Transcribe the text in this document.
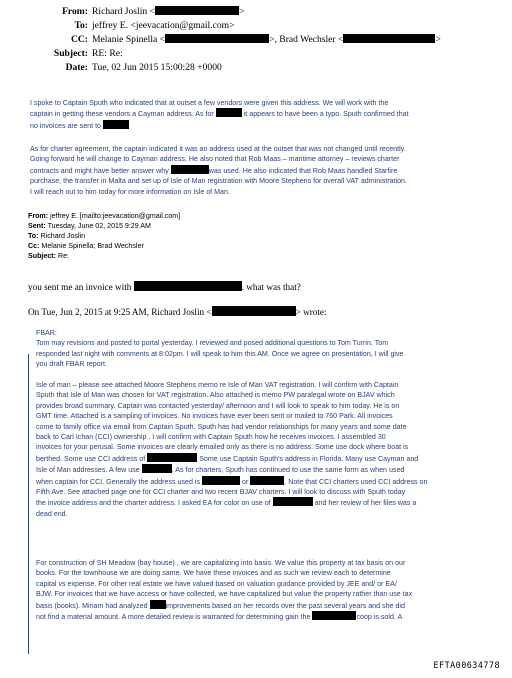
From: Richard Joslin <	>
To: jeffrey E. <jeevacation@gmail.com>
CC: Melanie Spinella <	>, Brad Wechsler <	>
Subject: RE: Re:
Date: Tue, 02 Jun 2015 15:00:28 +0000

I spoke to Captain Sputh who indicated that at outset a few vendors were given this address. We will work with the

captain in getting these vendors a Cayman address. As for	it appears to have been a typo. Sputh confirmed that

no invoices are sent to

As for charter agreement, the captain indicated it was an address used at the outset that was not changed until recently.

Going forward he will change to Cayman address. He also noted that Rob Maas – maritime attorney – reviews charter

contracts and might have better answer why	was used. He also indicated that Rob Maas handled Starfire

purchase, the transfer in Malta and set up of Isle of Man registration with Moore Stephens for overall VAT administration.

I will reach out to him today for more information on Isle of Man.

From: jeffrey E. [mailto:jeevacation@gmail.com]
Sent: Tuesday, June 02, 2015 9:29 AM
To: Richard Joslin
Cc: Melanie Spinella; Brad Wechsler
Subject: Re:
you sent me an invoice with	. what was that?
On Tue, Jun 2, 2015 at 9:25 AM, Richard Joslin <	> wrote:

FBAR:

Tom may revisions and posted to portal yesterday. I reviewed and posed additional questions to Tom Turrin. Tom

responded last night with comments at 8:02pm. I will speak to him this AM. Once we agree on presentation, I will give

you draft FBAR report.

Isle of man – please see attached Moore Stephens memo re Isle of Man VAT registration. I will confirm with Captain

Sputh that Isle of Man was chosen for VAT registration. Also attached is memo PW paralegal wrote on BJAV which

provides broad summary. Captain was contacted yesterday/ afternoon and I will look to speak to him today. He is on

GMT time. Attached is a sampling of invoices. No invoices have ever been sent or mailed to 760 Park. All invoices

come to family office via email from Captain Sputh. Sputh has had vendor relationships for many years and some date

back to Carl Ichan (CCI) ownership . I will confirm with Captain Sputh how he receives invoices. I assembled 30

invoices for your perusal. Some invoices are clearly emailed only as there is no address. Some use dock where boat is

berthed. Some use CCI address of	Some use Captain Sputh's address in Florida. Many use Cayman and

Isle of Man addresses. A few use	. As for charters, Sputh has continued to use the same form as when used

when captain for CCI. Generally the address used is	or	. Note that CCI charters used CCI address on

Fifth Ave. See attached page one for CCI charter and two recent BJAV charters. I will look to discuss with Sputh today

the invoice address and the charter address. I asked EA for color on use of	and her review of her files was a

dead end.

For construction of SH Meadow (bay house) , we are capitalizing into basis. We value this property at tax basis on our

books. For the townhouse we are doing same. We have these invoices and as such we review each to determine

capital vs expense. For other real estate we have valued based on valuation guidance provided by JEE and/ or EA/

BJW. For invoices that we have access or have collected, we have capitalized but value the property rather than use tax

basis (books). Miriam had analyzed	improvements based on her records over the past several years and she did

not find a material amount. A more detailed review is warranted for determining gain the	coop is sold. A

EFTA00634778
